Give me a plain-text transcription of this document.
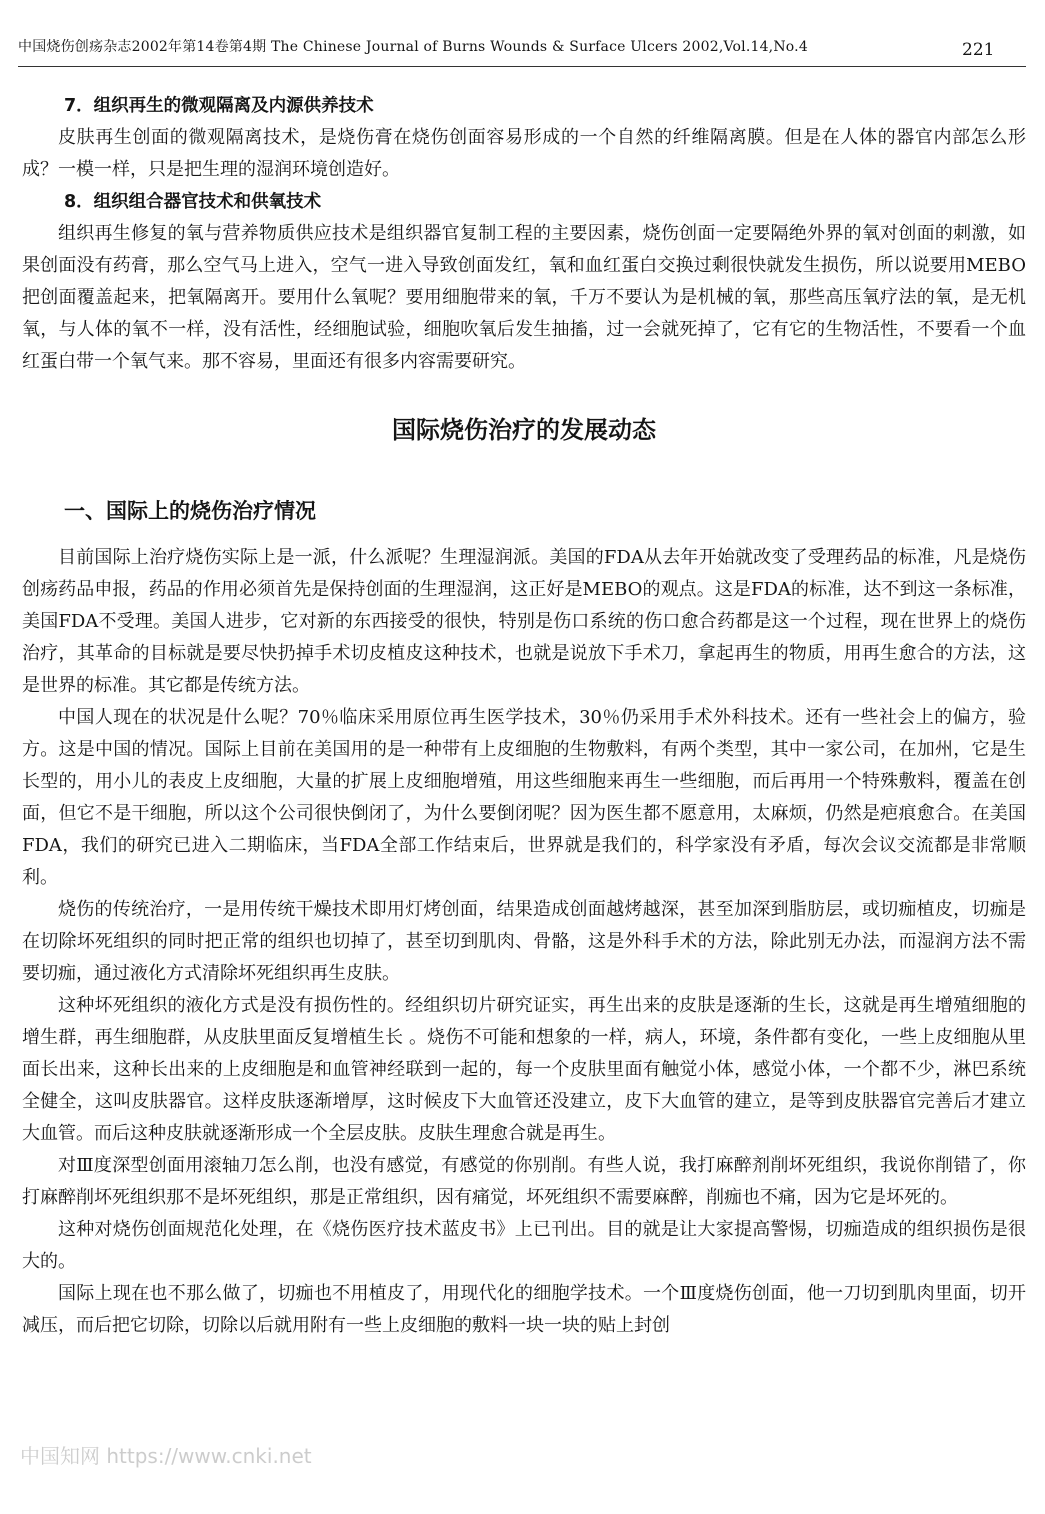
中国烧伤创疡杂志2002年第14卷第4期 The Chinese Journal of Burns Wounds & Surface Ulcers 2002,Vol.14,No.4	221
7．组织再生的微观隔离及内源供养技术

皮肤再生创面的微观隔离技术，是烧伤膏在烧伤创面容易形成的一个自然的纤维隔离膜。但是在人体的器官内部怎么形成？一模一样，只是把生理的湿润环境创造好。

8．组织组合器官技术和供氧技术

组织再生修复的氧与营养物质供应技术是组织器官复制工程的主要因素，烧伤创面一定要隔绝外界的氧对创面的刺激，如果创面没有药膏，那么空气马上进入，空气一进入导致创面发红，氧和血红蛋白交换过剩很快就发生损伤，所以说要用MEBO把创面覆盖起来，把氧隔离开。要用什么氧呢？要用细胞带来的氧，千万不要认为是机械的氧，那些高压氧疗法的氧，是无机氧，与人体的氧不一样，没有活性，经细胞试验，细胞吹氧后发生抽搐，过一会就死掉了，它有它的生物活性，不要看一个血红蛋白带一个氧气来。那不容易，里面还有很多内容需要研究。

国际烧伤治疗的发展动态
一、国际上的烧伤治疗情况

目前国际上治疗烧伤实际上是一派，什么派呢？生理湿润派。美国的FDA从去年开始就改变了受理药品的标准，凡是烧伤创疡药品申报，药品的作用必须首先是保持创面的生理湿润，这正好是MEBO的观点。这是FDA的标准，达不到这一条标准，美国FDA不受理。美国人进步，它对新的东西接受的很快，特别是伤口系统的伤口愈合药都是这一个过程，现在世界上的烧伤治疗，其革命的目标就是要尽快扔掉手术切皮植皮这种技术，也就是说放下手术刀，拿起再生的物质，用再生愈合的方法，这是世界的标准。其它都是传统方法。

中国人现在的状况是什么呢？70％临床采用原位再生医学技术，30％仍采用手术外科技术。还有一些社会上的偏方，验方。这是中国的情况。国际上目前在美国用的是一种带有上皮细胞的生物敷料，有两个类型，其中一家公司，在加州，它是生长型的，用小儿的表皮上皮细胞，大量的扩展上皮细胞增殖，用这些细胞来再生一些细胞，而后再用一个特殊敷料，覆盖在创面，但它不是干细胞，所以这个公司很快倒闭了，为什么要倒闭呢？因为医生都不愿意用，太麻烦，仍然是疤痕愈合。在美国FDA，我们的研究已进入二期临床，当FDA全部工作结束后，世界就是我们的，科学家没有矛盾，每次会议交流都是非常顺利。

烧伤的传统治疗，一是用传统干燥技术即用灯烤创面，结果造成创面越烤越深，甚至加深到脂肪层，或切痂植皮，切痂是在切除坏死组织的同时把正常的组织也切掉了，甚至切到肌肉、骨骼，这是外科手术的方法，除此别无办法，而湿润方法不需要切痂，通过液化方式清除坏死组织再生皮肤。

这种坏死组织的液化方式是没有损伤性的。经组织切片研究证实，再生出来的皮肤是逐渐的生长，这就是再生增殖细胞的增生群，再生细胞群，从皮肤里面反复增植生长 。烧伤不可能和想象的一样，病人，环境，条件都有变化，一些上皮细胞从里面长出来，这种长出来的上皮细胞是和血管神经联到一起的，每一个皮肤里面有触觉小体，感觉小体，一个都不少，淋巴系统全健全，这叫皮肤器官。这样皮肤逐渐增厚，这时候皮下大血管还没建立，皮下大血管的建立，是等到皮肤器官完善后才建立大血管。而后这种皮肤就逐渐形成一个全层皮肤。皮肤生理愈合就是再生。

对Ⅲ度深型创面用滚轴刀怎么削，也没有感觉，有感觉的你别削。有些人说，我打麻醉剂削坏死组织，我说你削错了，你打麻醉削坏死组织那不是坏死组织，那是正常组织，因有痛觉，坏死组织不需要麻醉，削痂也不痛，因为它是坏死的。

这种对烧伤创面规范化处理，在《烧伤医疗技术蓝皮书》上已刊出。目的就是让大家提高警惕，切痂造成的组织损伤是很大的。

国际上现在也不那么做了，切痂也不用植皮了，用现代化的细胞学技术。一个Ⅲ度烧伤创面，他一刀切到肌肉里面，切开减压，而后把它切除，切除以后就用附有一些上皮细胞的敷料一块一块的贴上封创

中国知网 https://www.cnki.net
